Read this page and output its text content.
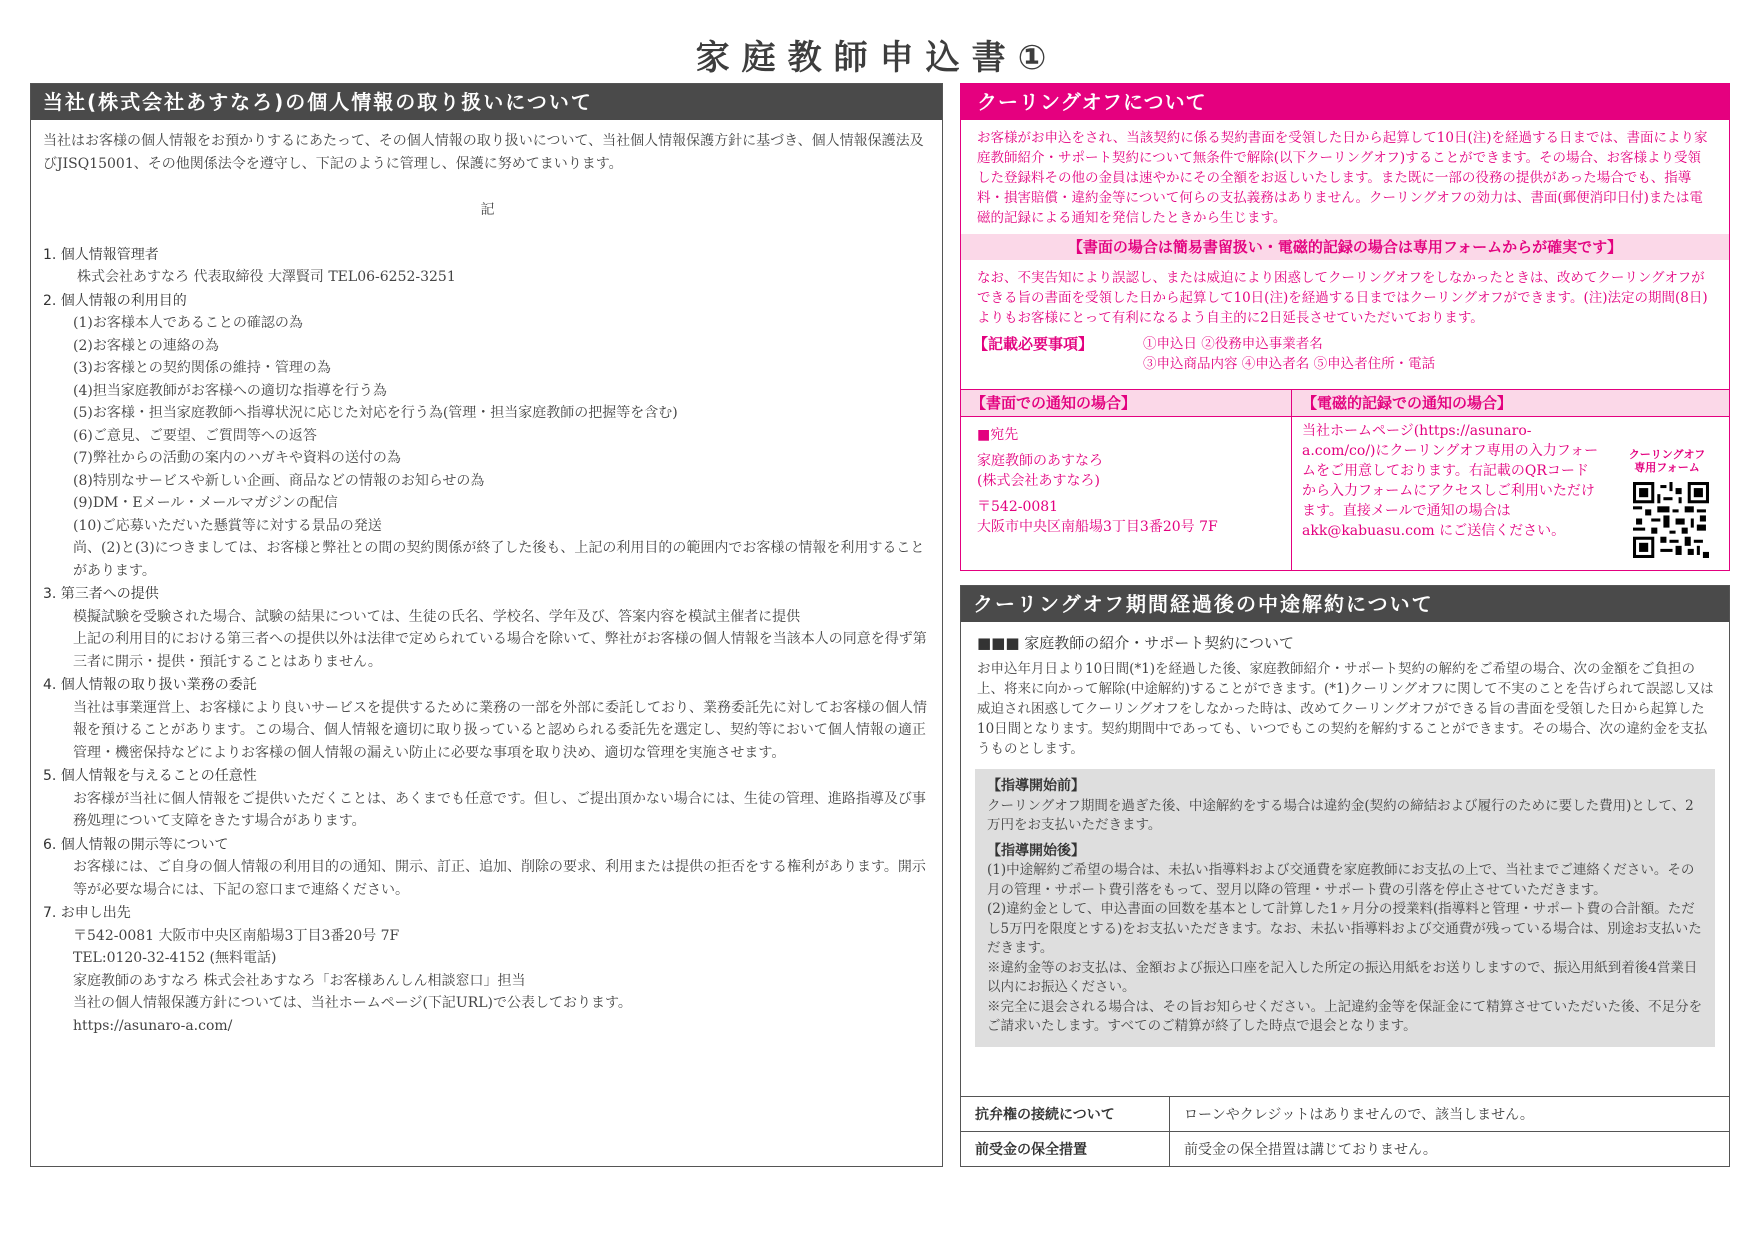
家庭教師申込書①
当社(株式会社あすなろ)の個人情報の取り扱いについて

当社はお客様の個人情報をお預かりするにあたって、その個人情報の取り扱いについて、当社個人情報保護方針に基づき、個人情報保護法及びJISQ15001、その他関係法令を遵守し、下記のように管理し、保護に努めてまいります。

記
1. 個人情報管理者
株式会社あすなろ 代表取締役 大澤賢司 TEL06-6252-3251
2. 個人情報の利用目的
(1)お客様本人であることの確認の為
(2)お客様との連絡の為
(3)お客様との契約関係の維持・管理の為
(4)担当家庭教師がお客様への適切な指導を行う為
(5)お客様・担当家庭教師へ指導状況に応じた対応を行う為(管理・担当家庭教師の把握等を含む)
(6)ご意見、ご要望、ご質問等への返答
(7)弊社からの活動の案内のハガキや資料の送付の為
(8)特別なサービスや新しい企画、商品などの情報のお知らせの為
(9)DM・Eメール・メールマガジンの配信
(10)ご応募いただいた懸賞等に対する景品の発送
尚、(2)と(3)につきましては、お客様と弊社との間の契約関係が終了した後も、上記の利用目的の範囲内でお客様の情報を利用することがあります。
3. 第三者への提供
模擬試験を受験された場合、試験の結果については、生徒の氏名、学校名、学年及び、答案内容を模試主催者に提供
上記の利用目的における第三者への提供以外は法律で定められている場合を除いて、弊社がお客様の個人情報を当該本人の同意を得ず第三者に開示・提供・預託することはありません。
4. 個人情報の取り扱い業務の委託
当社は事業運営上、お客様により良いサービスを提供するために業務の一部を外部に委託しており、業務委託先に対してお客様の個人情報を預けることがあります。この場合、個人情報を適切に取り扱っていると認められる委託先を選定し、契約等において個人情報の適正管理・機密保持などによりお客様の個人情報の漏えい防止に必要な事項を取り決め、適切な管理を実施させます。
5. 個人情報を与えることの任意性
お客様が当社に個人情報をご提供いただくことは、あくまでも任意です。但し、ご提出頂かない場合には、生徒の管理、進路指導及び事務処理について支障をきたす場合があります。
6. 個人情報の開示等について
お客様には、ご自身の個人情報の利用目的の通知、開示、訂正、追加、削除の要求、利用または提供の拒否をする権利があります。開示等が必要な場合には、下記の窓口まで連絡ください。
7. お申し出先
〒542-0081 大阪市中央区南船場3丁目3番20号 7F
TEL:0120-32-4152 (無料電話)
家庭教師のあすなろ 株式会社あすなろ「お客様あんしん相談窓口」担当
当社の個人情報保護方針については、当社ホームページ(下記URL)で公表しております。
https://asunaro-a.com/
クーリングオフについて

お客様がお申込をされ、当該契約に係る契約書面を受領した日から起算して10日(注)を経過する日までは、書面により家庭教師紹介・サポート契約について無条件で解除(以下クーリングオフ)することができます。その場合、お客様より受領した登録料その他の金員は速やかにその全額をお返しいたします。また既に一部の役務の提供があった場合でも、指導料・損害賠償・違約金等について何らの支払義務はありません。クーリングオフの効力は、書面(郵便消印日付)または電磁的記録による通知を発信したときから生じます。

【書面の場合は簡易書留扱い・電磁的記録の場合は専用フォームからが確実です】

なお、不実告知により誤認し、または威迫により困惑してクーリングオフをしなかったときは、改めてクーリングオフができる旨の書面を受領した日から起算して10日(注)を経過する日まではクーリングオフができます。(注)法定の期間(8日)よりもお客様にとって有利になるよう自主的に2日延長させていただいております。

【記載必要事項】	①申込日 ②役務申込事業者名
③申込商品内容 ④申込者名 ⑤申込者住所・電話
【書面での通知の場合】
■宛先
家庭教師のあすなろ
(株式会社あすなろ)
〒542-0081
大阪市中央区南船場3丁目3番20号 7F
【電磁的記録での通知の場合】
当社ホームページ(https://asunaro-a.com/co/)にクーリングオフ専用の入力フォームをご用意しております。右記載のQRコードから入力フォームにアクセスしご利用いただけます。直接メールで通知の場合は akk@kabuasu.com にご送信ください。
クーリングオフ
専用フォーム
クーリングオフ期間経過後の中途解約について
■■■ 家庭教師の紹介・サポート契約について

お申込年月日より10日間(*1)を経過した後、家庭教師紹介・サポート契約の解約をご希望の場合、次の金額をご負担の上、将来に向かって解除(中途解約)することができます。(*1)クーリングオフに関して不実のことを告げられて誤認し又は威迫され困惑してクーリングオフをしなかった時は、改めてクーリングオフができる旨の書面を受領した日から起算した10日間となります。契約期間中であっても、いつでもこの契約を解約することができます。その場合、次の違約金を支払うものとします。

【指導開始前】
クーリングオフ期間を過ぎた後、中途解約をする場合は違約金(契約の締結および履行のために要した費用)として、2万円をお支払いただきます。
【指導開始後】
(1)中途解約ご希望の場合は、未払い指導料および交通費を家庭教師にお支払の上で、当社までご連絡ください。その月の管理・サポート費引落をもって、翌月以降の管理・サポート費の引落を停止させていただきます。
(2)違約金として、申込書面の回数を基本として計算した1ヶ月分の授業料(指導料と管理・サポート費の合計額。ただし5万円を限度とする)をお支払いただきます。なお、未払い指導料および交通費が残っている場合は、別途お支払いただきます。
※違約金等のお支払は、金額および振込口座を記入した所定の振込用紙をお送りしますので、振込用紙到着後4営業日以内にお振込ください。
※完全に退会される場合は、その旨お知らせください。上記違約金等を保証金にて精算させていただいた後、不足分をご請求いたします。すべてのご精算が終了した時点で退会となります。
抗弁権の接続について	ローンやクレジットはありませんので、該当しません。
前受金の保全措置	前受金の保全措置は講じておりません。
